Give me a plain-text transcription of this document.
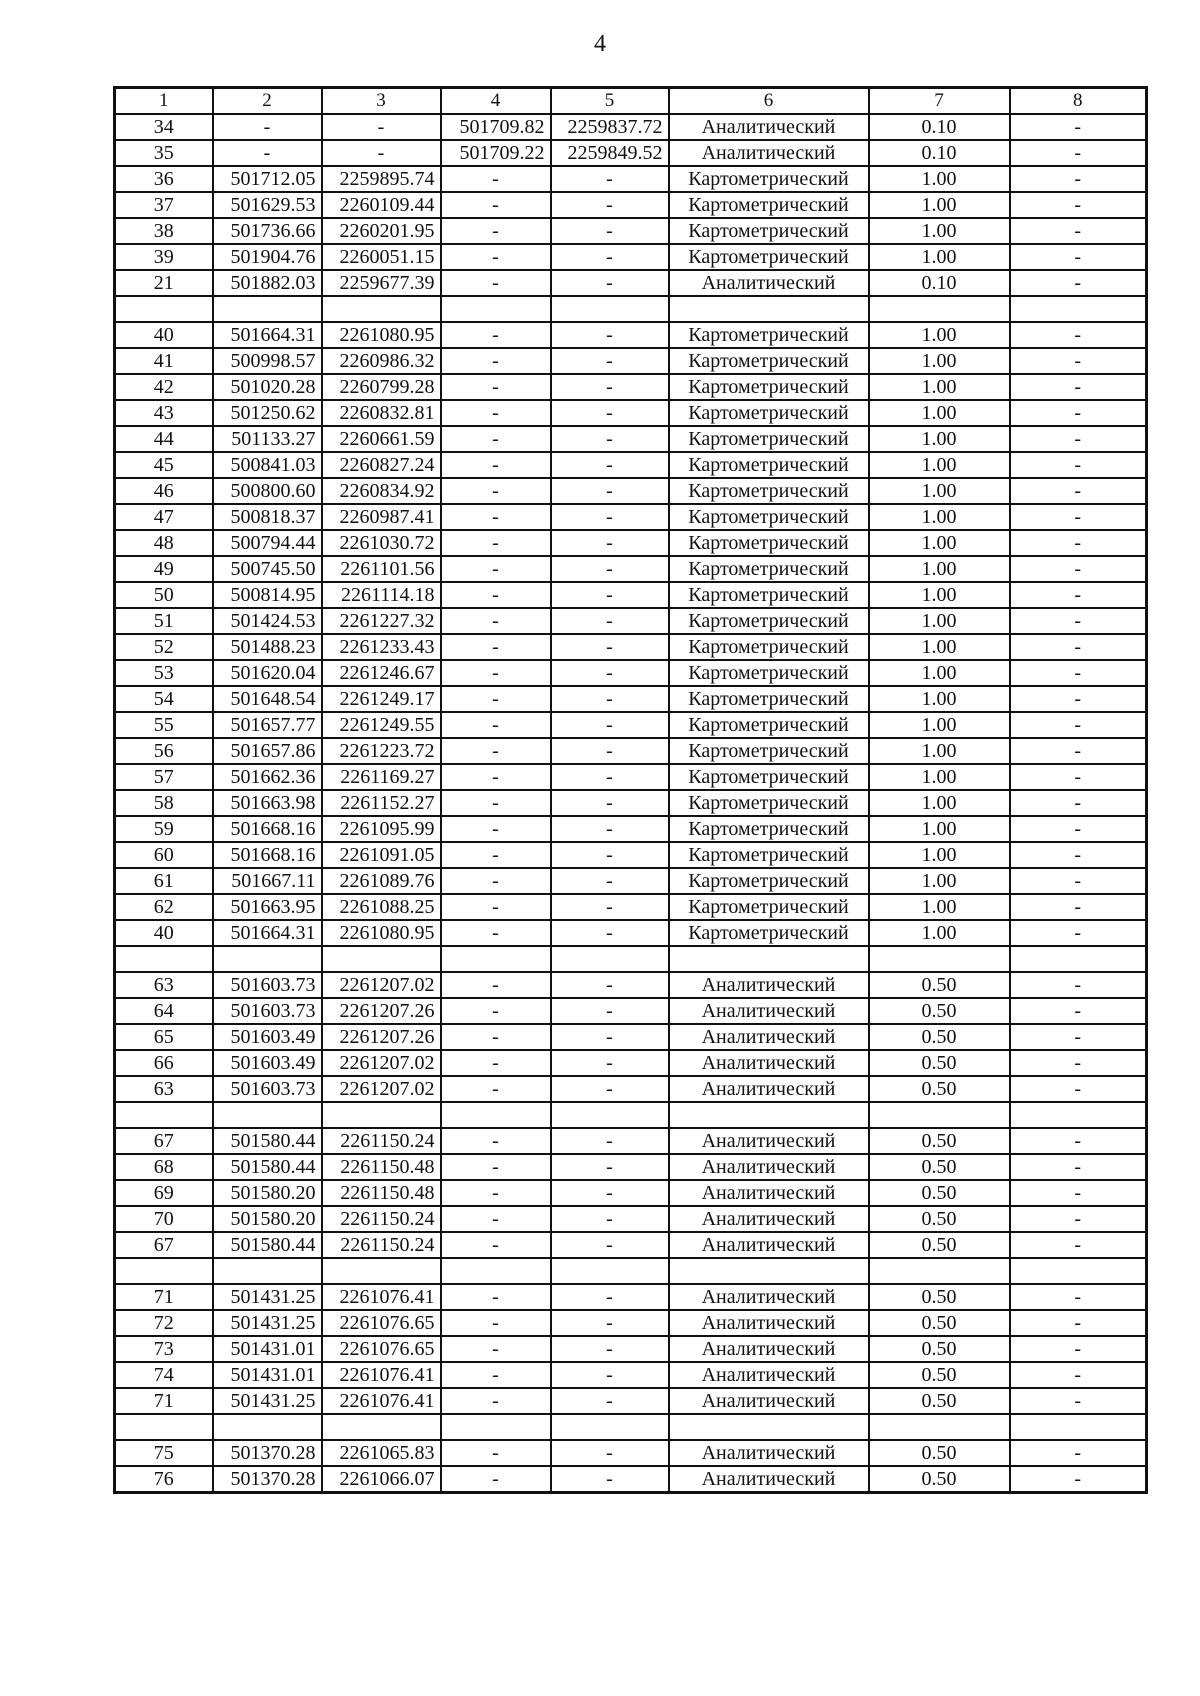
4
1	2	3	4	5	6	7	8
34	-	-	501709.82	2259837.72	Аналитический	0.10	-
35	-	-	501709.22	2259849.52	Аналитический	0.10	-
36	501712.05	2259895.74	-	-	Картометрический	1.00	-
37	501629.53	2260109.44	-	-	Картометрический	1.00	-
38	501736.66	2260201.95	-	-	Картометрический	1.00	-
39	501904.76	2260051.15	-	-	Картометрический	1.00	-
21	501882.03	2259677.39	-	-	Аналитический	0.10	-

40	501664.31	2261080.95	-	-	Картометрический	1.00	-
41	500998.57	2260986.32	-	-	Картометрический	1.00	-
42	501020.28	2260799.28	-	-	Картометрический	1.00	-
43	501250.62	2260832.81	-	-	Картометрический	1.00	-
44	501133.27	2260661.59	-	-	Картометрический	1.00	-
45	500841.03	2260827.24	-	-	Картометрический	1.00	-
46	500800.60	2260834.92	-	-	Картометрический	1.00	-
47	500818.37	2260987.41	-	-	Картометрический	1.00	-
48	500794.44	2261030.72	-	-	Картометрический	1.00	-
49	500745.50	2261101.56	-	-	Картометрический	1.00	-
50	500814.95	2261114.18	-	-	Картометрический	1.00	-
51	501424.53	2261227.32	-	-	Картометрический	1.00	-
52	501488.23	2261233.43	-	-	Картометрический	1.00	-
53	501620.04	2261246.67	-	-	Картометрический	1.00	-
54	501648.54	2261249.17	-	-	Картометрический	1.00	-
55	501657.77	2261249.55	-	-	Картометрический	1.00	-
56	501657.86	2261223.72	-	-	Картометрический	1.00	-
57	501662.36	2261169.27	-	-	Картометрический	1.00	-
58	501663.98	2261152.27	-	-	Картометрический	1.00	-
59	501668.16	2261095.99	-	-	Картометрический	1.00	-
60	501668.16	2261091.05	-	-	Картометрический	1.00	-
61	501667.11	2261089.76	-	-	Картометрический	1.00	-
62	501663.95	2261088.25	-	-	Картометрический	1.00	-
40	501664.31	2261080.95	-	-	Картометрический	1.00	-

63	501603.73	2261207.02	-	-	Аналитический	0.50	-
64	501603.73	2261207.26	-	-	Аналитический	0.50	-
65	501603.49	2261207.26	-	-	Аналитический	0.50	-
66	501603.49	2261207.02	-	-	Аналитический	0.50	-
63	501603.73	2261207.02	-	-	Аналитический	0.50	-

67	501580.44	2261150.24	-	-	Аналитический	0.50	-
68	501580.44	2261150.48	-	-	Аналитический	0.50	-
69	501580.20	2261150.48	-	-	Аналитический	0.50	-
70	501580.20	2261150.24	-	-	Аналитический	0.50	-
67	501580.44	2261150.24	-	-	Аналитический	0.50	-

71	501431.25	2261076.41	-	-	Аналитический	0.50	-
72	501431.25	2261076.65	-	-	Аналитический	0.50	-
73	501431.01	2261076.65	-	-	Аналитический	0.50	-
74	501431.01	2261076.41	-	-	Аналитический	0.50	-
71	501431.25	2261076.41	-	-	Аналитический	0.50	-

75	501370.28	2261065.83	-	-	Аналитический	0.50	-
76	501370.28	2261066.07	-	-	Аналитический	0.50	-
